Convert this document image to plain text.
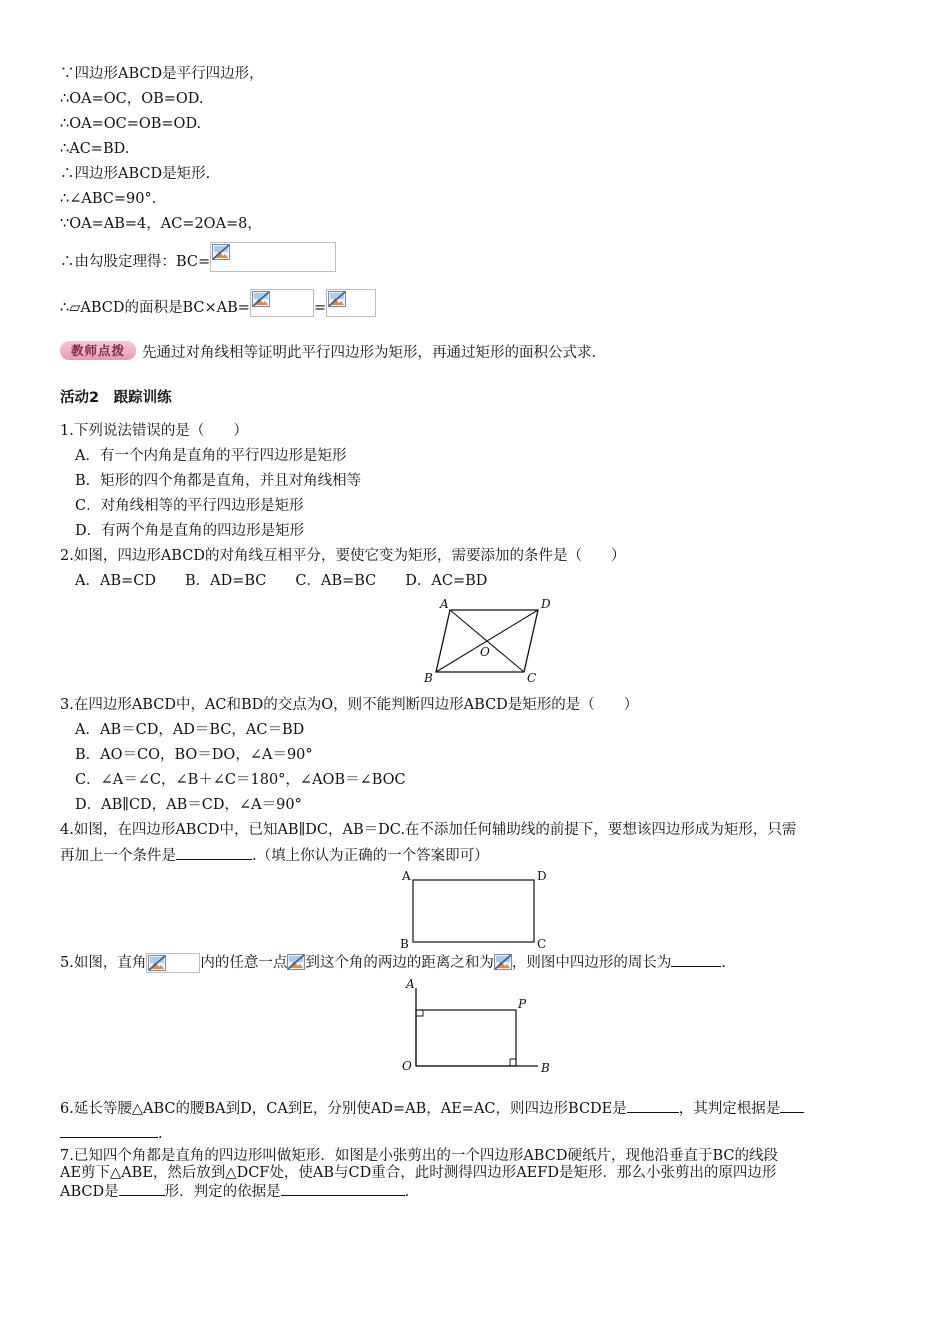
∵四边形ABCD是平行四边形，
∴OA=OC，OB=OD.
∴OA=OC=OB=OD.
∴AC=BD.
∴四边形ABCD是矩形.
∴∠ABC=90°.
∵OA=AB=4，AC=2OA=8，
∴由勾股定理得：BC=
∴▱ABCD的面积是BC×AB=	=
教师点拨	先通过对角线相等证明此平行四边形为矩形，再通过矩形的面积公式求.
活动2　跟踪训练
1.下列说法错误的是（　　）
A．有一个内角是直角的平行四边形是矩形
B．矩形的四个角都是直角，并且对角线相等
C．对角线相等的平行四边形是矩形
D．有两个角是直角的四边形是矩形
2.如图，四边形ABCD的对角线互相平分，要使它变为矩形，需要添加的条件是（　　）
A．AB=CD　　B．AD=BC　　C．AB=BC　　D．AC=BD
A	D
B	C
O
3.在四边形ABCD中，AC和BD的交点为O，则不能判断四边形ABCD是矩形的是（　　）
A．AB＝CD，AD＝BC，AC＝BD
B．AO＝CO，BO＝DO，∠A＝90°
C．∠A＝∠C，∠B＋∠C＝180°，∠AOB＝∠BOC
D．AB∥CD，AB＝CD，∠A＝90°
4.如图，在四边形ABCD中，已知AB∥DC，AB＝DC.在不添加任何辅助线的前提下，要想该四边形成为矩形，只需
再加上一个条件是	.（填上你认为正确的一个答案即可）
A	D
B	C
5.如图，直角	内的任意一点 到这个角的两边的距离之和为 ，则图中四边形的周长为	.
A
P
O	B
6.延长等腰△ABC的腰BA到D，CA到E，分别使AD=AB，AE=AC，则四边形BCDE是	，其判定根据是
.
7.已知四个角都是直角的四边形叫做矩形．如图是小张剪出的一个四边形ABCD硬纸片，现他沿垂直于BC的线段
AE剪下△ABE，然后放到△DCF处，使AB与CD重合，此时测得四边形AEFD是矩形．那么小张剪出的原四边形
ABCD是	形．判定的依据是	.
